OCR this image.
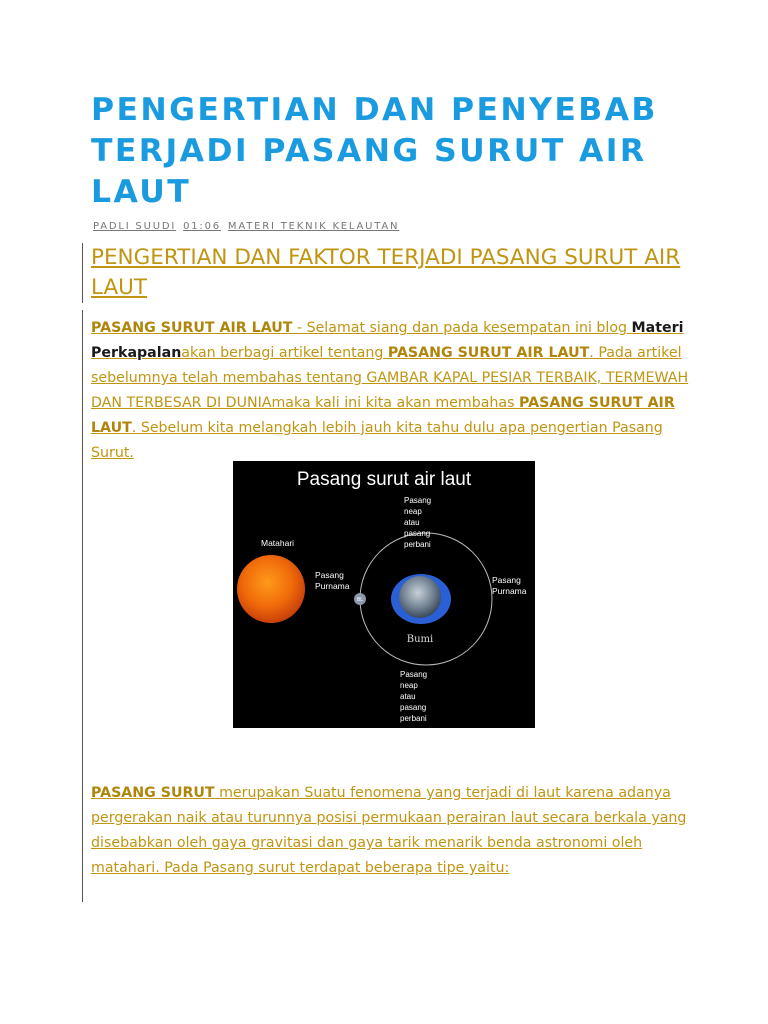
PENGERTIAN DAN PENYEBAB TERJADI PASANG SURUT AIR LAUT
PADLI SUUDI 01:06 MATERI TEKNIK KELAUTAN
PENGERTIAN DAN FAKTOR TERJADI PASANG SURUT AIR LAUT

PASANG SURUT AIR LAUT - Selamat siang dan pada kesempatan ini blog Materi Perkapalanakan berbagi artikel tentang PASANG SURUT AIR LAUT. Pada artikel sebelumnya telah membahas tentang GAMBAR KAPAL PESIAR TERBAIK, TERMEWAH DAN TERBESAR DI DUNIAmaka kali ini kita akan membahas PASANG SURUT AIR LAUT. Sebelum kita melangkah lebih jauh kita tahu dulu apa pengertian Pasang Surut.

Pasang surut air laut
Matahari
Pasang
Purnama
Bumi
BL
Pasang
Purnama
Pasang
neap
atau
pasang
perbani
Pasang
neap
atau
pasang
perbani

PASANG SURUT merupakan Suatu fenomena yang terjadi di laut karena adanya pergerakan naik atau turunnya posisi permukaan perairan laut secara berkala yang disebabkan oleh gaya gravitasi dan gaya tarik menarik benda astronomi oleh matahari. Pada Pasang surut terdapat beberapa tipe yaitu:
